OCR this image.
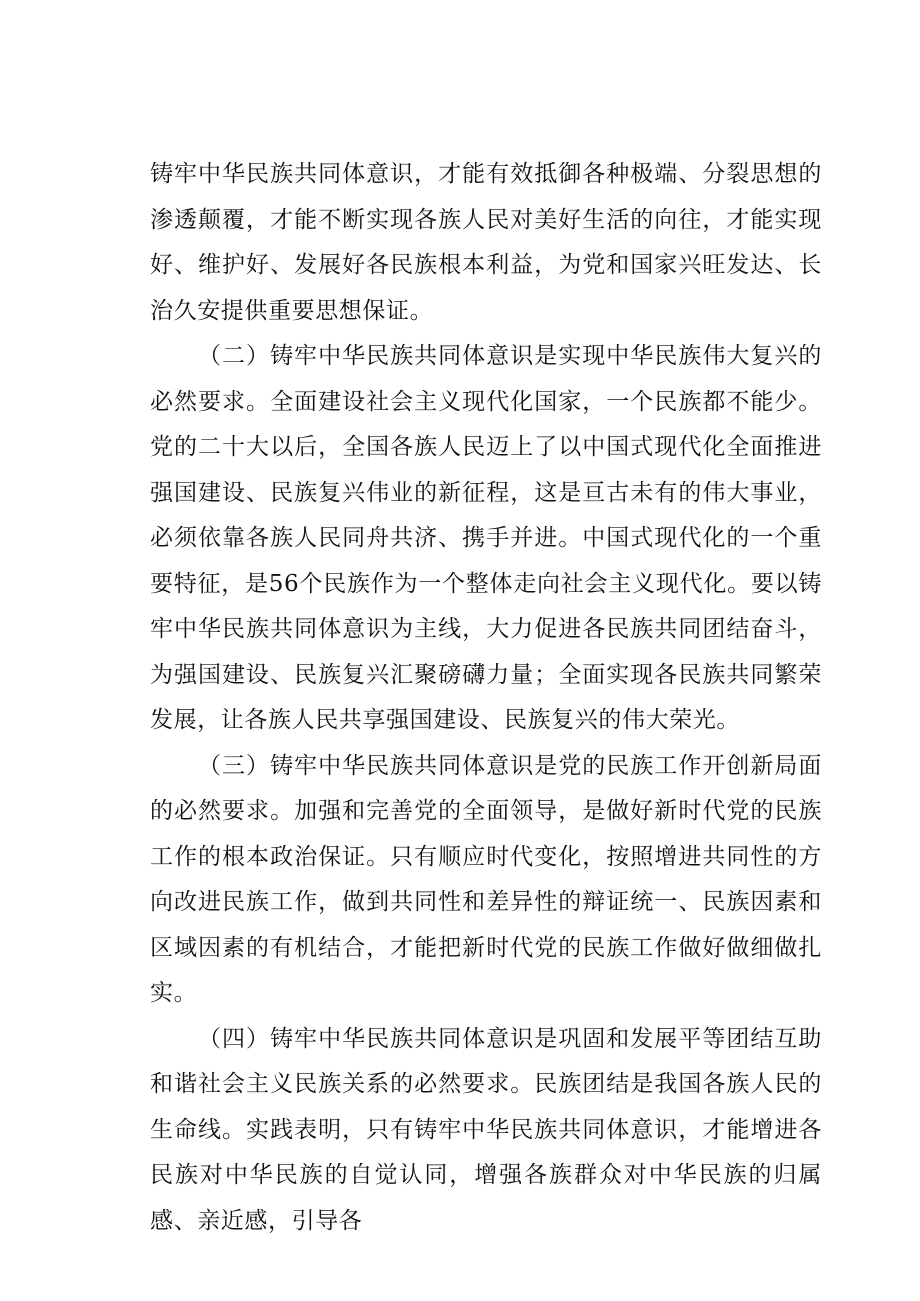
铸牢中华民族共同体意识，才能有效抵御各种极端、分裂思想的渗透颠覆，才能不断实现各族人民对美好生活的向往，才能实现好、维护好、发展好各民族根本利益，为党和国家兴旺发达、长治久安提供重要思想保证。

（二）铸牢中华民族共同体意识是实现中华民族伟大复兴的必然要求。全面建设社会主义现代化国家，一个民族都不能少。党的二十大以后，全国各族人民迈上了以中国式现代化全面推进强国建设、民族复兴伟业的新征程，这是亘古未有的伟大事业，必须依靠各族人民同舟共济、携手并进。中国式现代化的一个重要特征，是56个民族作为一个整体走向社会主义现代化。要以铸牢中华民族共同体意识为主线，大力促进各民族共同团结奋斗，为强国建设、民族复兴汇聚磅礴力量；全面实现各民族共同繁荣发展，让各族人民共享强国建设、民族复兴的伟大荣光。

（三）铸牢中华民族共同体意识是党的民族工作开创新局面的必然要求。加强和完善党的全面领导，是做好新时代党的民族工作的根本政治保证。只有顺应时代变化，按照增进共同性的方向改进民族工作，做到共同性和差异性的辩证统一、民族因素和区域因素的有机结合，才能把新时代党的民族工作做好做细做扎实。

（四）铸牢中华民族共同体意识是巩固和发展平等团结互助和谐社会主义民族关系的必然要求。民族团结是我国各族人民的生命线。实践表明，只有铸牢中华民族共同体意识，才能增进各民族对中华民族的自觉认同，增强各族群众对中华民族的归属感、亲近感，引导各
